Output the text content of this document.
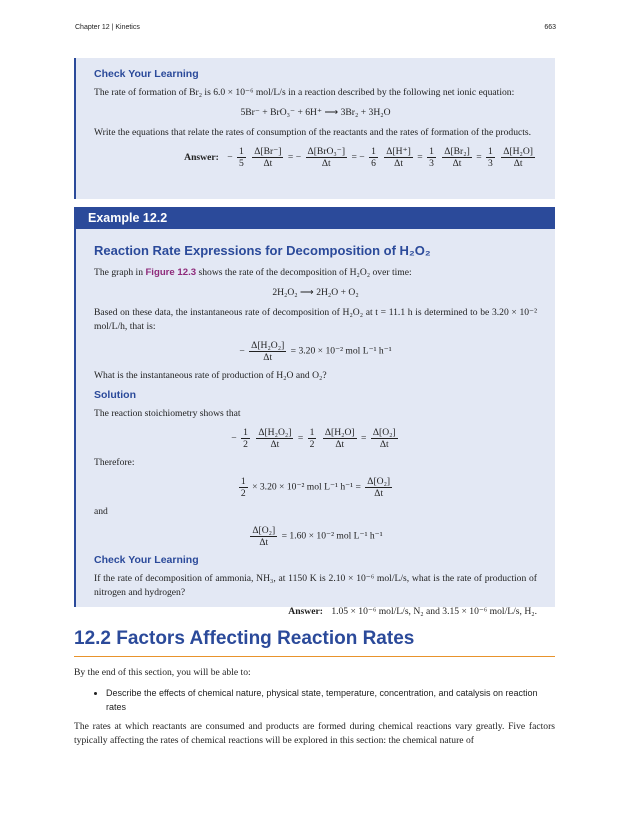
Chapter 12 | Kinetics	663
Check Your Learning

The rate of formation of Br₂ is 6.0 × 10⁻⁶ mol/L/s in a reaction described by the following net ionic equation:

5Br⁻ + BrO₃⁻ + 6H⁺ ⟶ 3Br₂ + 3H₂O

Write the equations that relate the rates of consumption of the reactants and the rates of formation of the products.

Answer: − $\frac{1}{5}$
$\frac{\Delta[Br^-]}{\Delta t}$ = − $\frac{\text{Δ[BrO₃⁻]}}{\Delta t}$ = − $\frac{1}{6}$
$\frac{\Delta[H^+]}{\Delta t} = \frac{1}{3}$
$\frac{\text{Δ[Br₂]}}{\Delta t} = \frac{1}{3}$
$\frac{\text{Δ[H₂O]}}{\Delta t}$
Example 12.2
Reaction Rate Expressions for Decomposition of H₂O₂

The graph in Figure 12.3 shows the rate of the decomposition of H₂O₂ over time:

2H₂O₂ ⟶ 2H₂O + O₂

Based on these data, the instantaneous rate of decomposition of H₂O₂ at t = 11.1 h is determined to be 3.20 × 10⁻² mol/L/h, that is:

− $\frac{\text{Δ[H₂O₂]}}{\Delta t} = 3.20 \times 10^{-2}$ mol L⁻¹ h⁻¹

What is the instantaneous rate of production of H₂O and O₂?

Solution

The reaction stoichiometry shows that

− $\frac{1}{2}$
$\frac{\text{Δ[H₂O₂]}}{\Delta t} = \frac{1}{2}$
$\frac{\text{Δ[H₂O]}}{\Delta t} = \frac{\text{Δ[O₂]}}{\Delta t}$

Therefore:

$\frac{1}{2} \times 3.20 \times 10^{-2}$ mol L⁻¹ $h^{-1} = \frac{\text{Δ[O₂]}}{\Delta t}$

and

$\frac{\text{Δ[O₂]}}{\Delta t} = 1.60 \times 10^{-2}$ mol L⁻¹ h⁻¹
Check Your Learning

If the rate of decomposition of ammonia, NH₃, at 1150 K is 2.10 × 10⁻⁶ mol/L/s, what is the rate of production of nitrogen and hydrogen?

Answer: 1.05 × 10⁻⁶ mol/L/s, N₂ and 3.15 × 10⁻⁶ mol/L/s, H₂.
12.2 Factors Affecting Reaction Rates

By the end of this section, you will be able to:

• Describe the effects of chemical nature, physical state, temperature, concentration, and catalysis on reaction rates

The rates at which reactants are consumed and products are formed during chemical reactions vary greatly. Five factors typically affecting the rates of chemical reactions will be explored in this section: the chemical nature of
